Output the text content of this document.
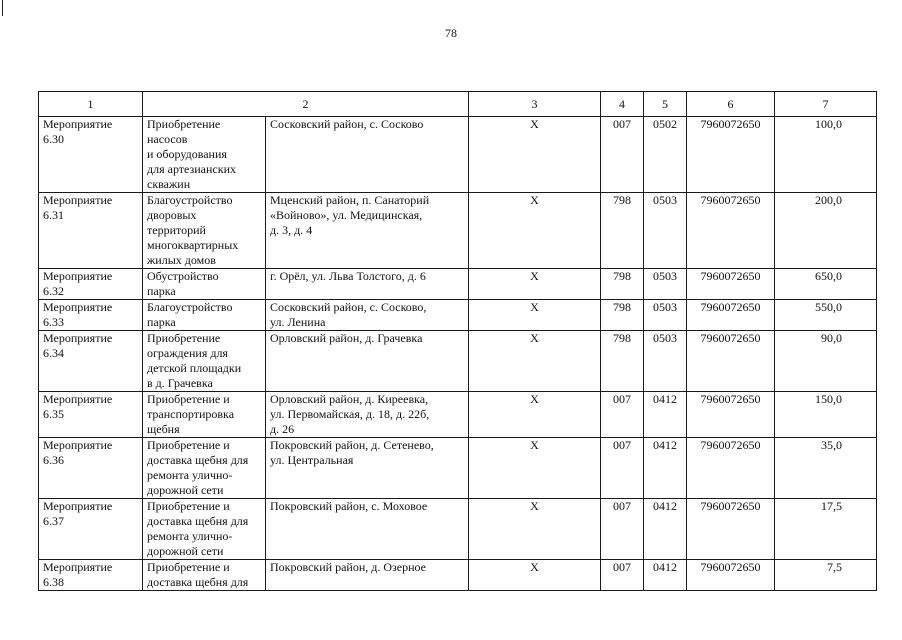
78
1	2		3	4	5	6	7

Мероприятие
6.30	Приобретение
насосов
и оборудования
для артезианских
скважин	Сосковский район, с. Сосково	Х	007	0502	7960072650	100,0

Мероприятие
6.31	Благоустройство
дворовых
территорий
многоквартирных
жилых домов	Мценский район, п. Санаторий
«Войново», ул. Медицинская,
д. 3, д. 4	Х	798	0503	7960072650	200,0

Мероприятие
6.32	Обустройство
парка	г. Орёл, ул. Льва Толстого, д. 6	Х	798	0503	7960072650	650,0

Мероприятие
6.33	Благоустройство
парка	Сосковский район, с. Сосково,
ул. Ленина	Х	798	0503	7960072650	550,0

Мероприятие
6.34	Приобретение
ограждения для
детской площадки
в д. Грачевка	Орловский район, д. Грачевка	Х	798	0503	7960072650	90,0

Мероприятие
6.35	Приобретение и
транспортировка
щебня	Орловский район, д. Киреевка,
ул. Первомайская, д. 18, д. 22б,
д. 26	Х	007	0412	7960072650	150,0

Мероприятие
6.36	Приобретение и
доставка щебня для
ремонта улично-
дорожной сети	Покровский район, д. Сетенево,
ул. Центральная	Х	007	0412	7960072650	35,0

Мероприятие
6.37	Приобретение и
доставка щебня для
ремонта улично-
дорожной сети	Покровский район, с. Моховое	Х	007	0412	7960072650	17,5

Мероприятие
6.38	Приобретение и
доставка щебня для	Покровский район, д. Озерное	Х	007	0412	7960072650	7,5
